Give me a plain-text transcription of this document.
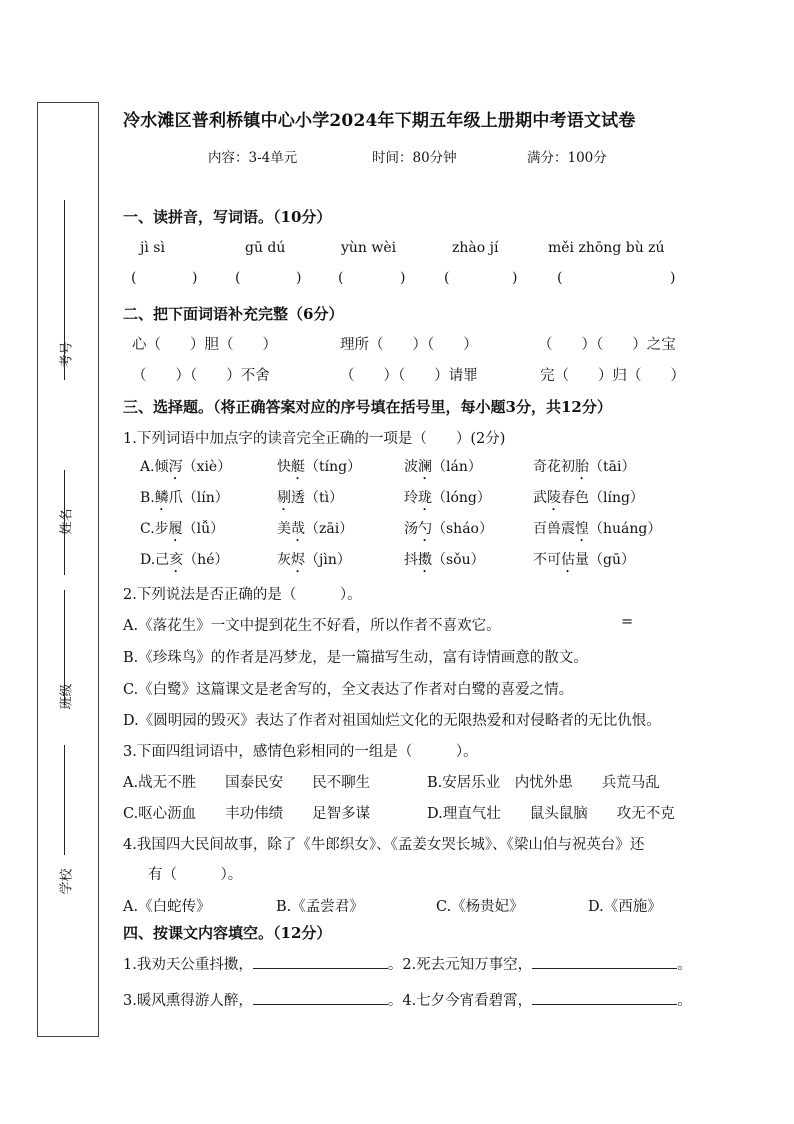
考号
姓名
班级
学校
冷水滩区普利桥镇中心小学2024年下期五年级上册期中考语文试卷
内容：3-4单元	时间：80分钟	满分：100分
一、读拼音，写词语。（10分）
jì sì	gū dú	yùn wèi	zhào jí	měi zhōng bù zú
(	)	(	)	(	)	(	)	(	)
二、把下面词语补充完整（6分）
心（　　）胆（　　）	理所（　　）（　　）	（　　）（　　）之宝
（　　）（　　）不舍	（　　）（　　）请罪	完（　　）归（　　）
三、选择题。（将正确答案对应的序号填在括号里，每小题3分，共12分）
1.下列词语中加点字的读音完全正确的一项是（　　）(2分)
A.倾泻（xiè）	快艇（tíng）	波澜（lán）	奇花初胎（tāi）
B.鳞爪（lín）	剔透（tì）	玲珑（lóng）	武陵春色（líng）
C.步履（lǚ）	美哉（zāi）	汤勺（sháo）	百兽震惶（huáng）
D.己亥（hé）	灰烬（jìn）	抖擞（sǒu）	不可估量（gū）
2.下列说法是否正确的是（　　　）。
A.《落花生》一文中提到花生不好看，所以作者不喜欢它。	=
B.《珍珠鸟》的作者是冯梦龙，是一篇描写生动，富有诗情画意的散文。
C.《白鹭》这篇课文是老舍写的，全文表达了作者对白鹭的喜爱之情。
D.《圆明园的毁灭》表达了作者对祖国灿烂文化的无限热爱和对侵略者的无比仇恨。
3.下面四组词语中，感情色彩相同的一组是（　　　）。
A.战无不胜　　国泰民安　　民不聊生	B.安居乐业　内忧外患　　兵荒马乱
C.呕心沥血　　丰功伟绩　　足智多谋	D.理直气壮　　鼠头鼠脑　　攻无不克
4.我国四大民间故事，除了《牛郎织女》、《孟姜女哭长城》、《梁山伯与祝英台》还
有（　　　）。
A.《白蛇传》	B.《孟尝君》	C.《杨贵妃》	D.《西施》
四、按课文内容填空。（12分）
1.我劝天公重抖擞，	。2.死去元知万事空，	。
3.暖风熏得游人醉，	。4.七夕今宵看碧霄，	。
